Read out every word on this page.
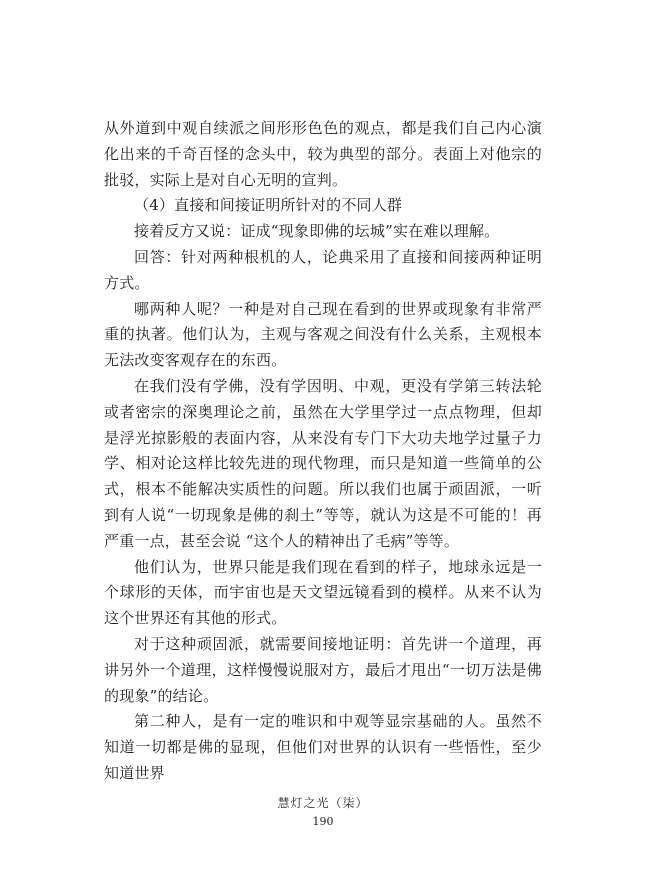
从外道到中观自续派之间形形色色的观点，都是我们自己内心演化出来的千奇百怪的念头中，较为典型的部分。表面上对他宗的批驳，实际上是对自心无明的宣判。

（4）直接和间接证明所针对的不同人群

接着反方又说：证成“现象即佛的坛城”实在难以理解。

回答：针对两种根机的人，论典采用了直接和间接两种证明方式。

哪两种人呢？一种是对自己现在看到的世界或现象有非常严重的执著。他们认为，主观与客观之间没有什么关系，主观根本无法改变客观存在的东西。

在我们没有学佛，没有学因明、中观，更没有学第三转法轮或者密宗的深奥理论之前，虽然在大学里学过一点点物理，但却是浮光掠影般的表面内容，从来没有专门下大功夫地学过量子力学、相对论这样比较先进的现代物理，而只是知道一些简单的公式，根本不能解决实质性的问题。所以我们也属于顽固派，一听到有人说“一切现象是佛的刹土”等等，就认为这是不可能的！再严重一点，甚至会说 “这个人的精神出了毛病”等等。

他们认为，世界只能是我们现在看到的样子，地球永远是一个球形的天体，而宇宙也是天文望远镜看到的模样。从来不认为这个世界还有其他的形式。

对于这种顽固派，就需要间接地证明：首先讲一个道理，再讲另外一个道理，这样慢慢说服对方，最后才甩出“一切万法是佛的现象”的结论。

第二种人，是有一定的唯识和中观等显宗基础的人。虽然不知道一切都是佛的显现，但他们对世界的认识有一些悟性，至少知道世界

慧灯之光（柒）
190
